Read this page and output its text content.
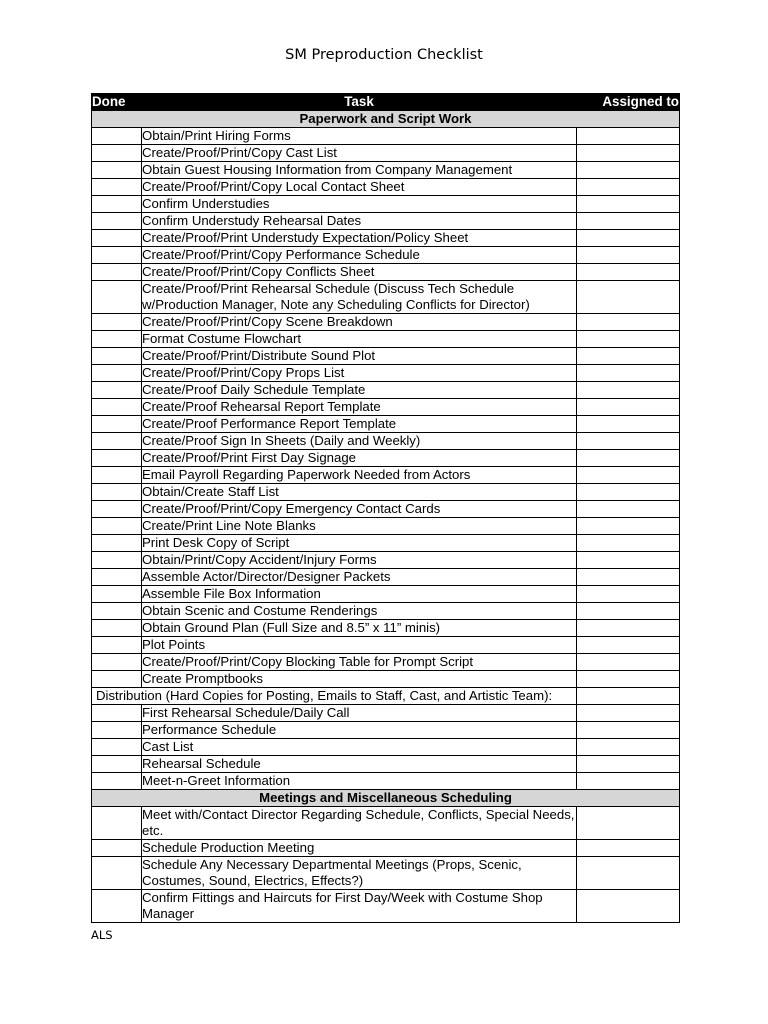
SM Preproduction Checklist
Done	Task	Assigned to
Paperwork and Script Work		
	Obtain/Print Hiring Forms	
	Create/Proof/Print/Copy Cast List	
	Obtain Guest Housing Information from Company Management	
	Create/Proof/Print/Copy Local Contact Sheet	
	Confirm Understudies	
	Confirm Understudy Rehearsal Dates	
	Create/Proof/Print Understudy Expectation/Policy Sheet	
	Create/Proof/Print/Copy Performance Schedule	
	Create/Proof/Print/Copy Conflicts Sheet	
	Create/Proof/Print Rehearsal Schedule (Discuss Tech Schedule w/Production Manager, Note any Scheduling Conflicts for Director)	
	Create/Proof/Print/Copy Scene Breakdown	
	Format Costume Flowchart	
	Create/Proof/Print/Distribute Sound Plot	
	Create/Proof/Print/Copy Props List	
	Create/Proof Daily Schedule Template	
	Create/Proof Rehearsal Report Template	
	Create/Proof Performance Report Template	
	Create/Proof Sign In Sheets (Daily and Weekly)	
	Create/Proof/Print First Day Signage	
	Email Payroll Regarding Paperwork Needed from Actors	
	Obtain/Create Staff List	
	Create/Proof/Print/Copy Emergency Contact Cards	
	Create/Print Line Note Blanks	
	Print Desk Copy of Script	
	Obtain/Print/Copy Accident/Injury Forms	
	Assemble Actor/Director/Designer Packets	
	Assemble File Box Information	
	Obtain Scenic and Costume Renderings	
	Obtain Ground Plan (Full Size and 8.5” x 11” minis)	
	Plot Points	
	Create/Proof/Print/Copy Blocking Table for Prompt Script	
	Create Promptbooks	
Distribution (Hard Copies for Posting, Emails to Staff, Cast, and Artistic Team):		
	First Rehearsal Schedule/Daily Call	
	Performance Schedule	
	Cast List	
	Rehearsal Schedule	
	Meet-n-Greet Information	
Meetings and Miscellaneous Scheduling		
	Meet with/Contact Director Regarding Schedule, Conflicts, Special Needs, etc.	
	Schedule Production Meeting	
	Schedule Any Necessary Departmental Meetings (Props, Scenic, Costumes, Sound, Electrics, Effects?)	
	Confirm Fittings and Haircuts for First Day/Week with Costume Shop Manager	
ALS
